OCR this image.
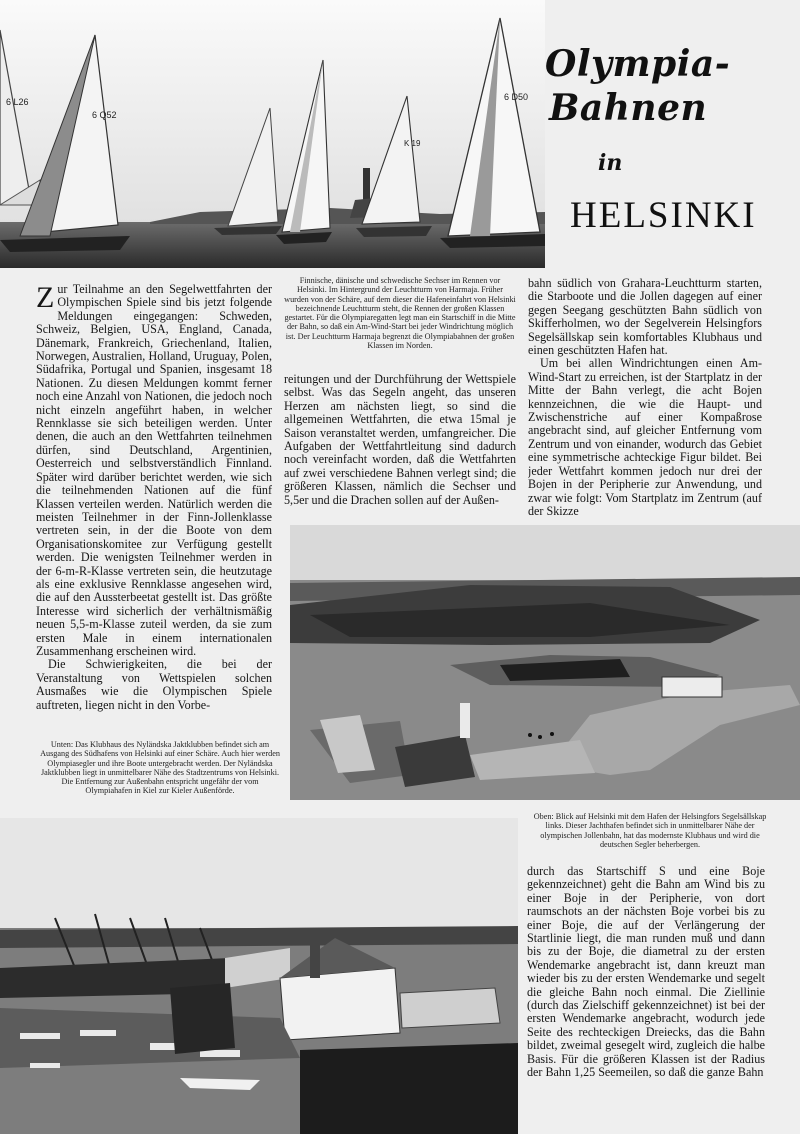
6 L26
6 Q52
6 D50
K 19
Olympia-
Bahnen
in
HELSINKI

Zur Teilnahme an den Segelwettfahrten der Olympischen Spiele sind bis jetzt folgende Meldungen eingegangen: Schweden, Schweiz, Belgien, USA, England, Canada, Dänemark, Frankreich, Griechenland, Italien, Norwegen, Australien, Holland, Uruguay, Polen, Südafrika, Portugal und Spanien, insgesamt 18 Nationen. Zu diesen Meldungen kommt ferner noch eine Anzahl von Nationen, die jedoch noch nicht einzeln angeführt haben, in welcher Rennklasse sie sich beteiligen werden. Unter denen, die auch an den Wettfahrten teilnehmen dürfen, sind Deutschland, Argentinien, Oesterreich und selbstverständlich Finnland. Später wird darüber berichtet werden, wie sich die teilnehmenden Nationen auf die fünf Klassen verteilen werden. Natürlich werden die meisten Teilnehmer in der Finn-Jollenklasse vertreten sein, in der die Boote von dem Organisationskomitee zur Verfügung gestellt werden. Die wenigsten Teilnehmer werden in der 6-m-R-Klasse vertreten sein, die heutzutage als eine exklusive Rennklasse angesehen wird, die auf den Aussterbeetat gestellt ist. Das größte Interesse wird sicherlich der verhältnismäßig neuen 5,5-m-Klasse zuteil werden, da sie zum ersten Male in einem internationalen Zusammenhang erscheinen wird.

Die Schwierigkeiten, die bei der Veranstaltung von Wettspielen solchen Ausmaßes wie die Olympischen Spiele auftreten, liegen nicht in den Vorbe-

Finnische, dänische und schwedische Sechser im Rennen vor Helsinki. Im Hintergrund der Leuchtturm von Harmaja. Früher wurden von der Schäre, auf dem dieser die Hafeneinfahrt von Helsinki bezeichnende Leuchtturm steht, die Rennen der großen Klassen gestartet. Für die Olympiaregatten legt man ein Startschiff in die Mitte der Bahn, so daß ein Am-Wind-Start bei jeder Windrichtung möglich ist. Der Leuchtturm Harmaja begrenzt die Olympiabahnen der großen Klassen im Norden.
reitungen und der Durchführung der Wettspiele selbst. Was das Segeln angeht, das unseren Herzen am nächsten liegt, so sind die allgemeinen Wettfahrten, die etwa 15mal je Saison veranstaltet werden, umfangreicher. Die Aufgaben der Wettfahrtleitung sind dadurch noch vereinfacht worden, daß die Wettfahrten auf zwei verschiedene Bahnen verlegt sind; die größeren Klassen, nämlich die Sechser und 5,5er und die Drachen sollen auf der Außen-

bahn südlich von Grahara-Leuchtturm starten, die Starboote und die Jollen dagegen auf einer gegen Seegang geschützten Bahn südlich von Skifferholmen, wo der Segelverein Helsingfors Segelsällskap sein komfortables Klubhaus und einen geschützten Hafen hat.

Um bei allen Windrichtungen einen Am-Wind-Start zu erreichen, ist der Startplatz in der Mitte der Bahn verlegt, die acht Bojen kennzeichnen, die wie die Haupt- und Zwischenstriche auf einer Kompaßrose angebracht sind, auf gleicher Entfernung vom Zentrum und von einander, wodurch das Gebiet eine symmetrische achteckige Figur bildet. Bei jeder Wettfahrt kommen jedoch nur drei der Bojen in der Peripherie zur Anwendung, und zwar wie folgt: Vom Startplatz im Zentrum (auf der Skizze

Unten: Das Klubhaus des Nyländska Jaktklubben befindet sich am Ausgang des Südhafens von Helsinki auf einer Schäre. Auch hier werden Olympiasegler und ihre Boote untergebracht werden. Der Nyländska Jaktklubben liegt in unmittelbarer Nähe des Stadtzentrums von Helsinki. Die Entfernung zur Außenbahn entspricht ungefähr der vom Olympiahafen in Kiel zur Kieler Außenförde.
Oben: Blick auf Helsinki mit dem Hafen der Helsingfors Segelsällskap links. Dieser Jachthafen befindet sich in unmittelbarer Nähe der olympischen Jollenbahn, hat das modernste Klubhaus und wird die deutschen Segler beherbergen.
durch das Startschiff S und eine Boje gekennzeichnet) geht die Bahn am Wind bis zu einer Boje in der Peripherie, von dort raumschots an der nächsten Boje vorbei bis zu einer Boje, die auf der Verlängerung der Startlinie liegt, die man runden muß und dann bis zu der Boje, die diametral zu der ersten Wendemarke angebracht ist, dann kreuzt man wieder bis zu der ersten Wendemarke und segelt die gleiche Bahn noch einmal. Die Ziellinie (durch das Zielschiff gekennzeichnet) ist bei der ersten Wendemarke angebracht, wodurch jede Seite des rechteckigen Dreiecks, das die Bahn bildet, zweimal gesegelt wird, zugleich die halbe Basis. Für die größeren Klassen ist der Radius der Bahn 1,25 Seemeilen, so daß die ganze Bahn
